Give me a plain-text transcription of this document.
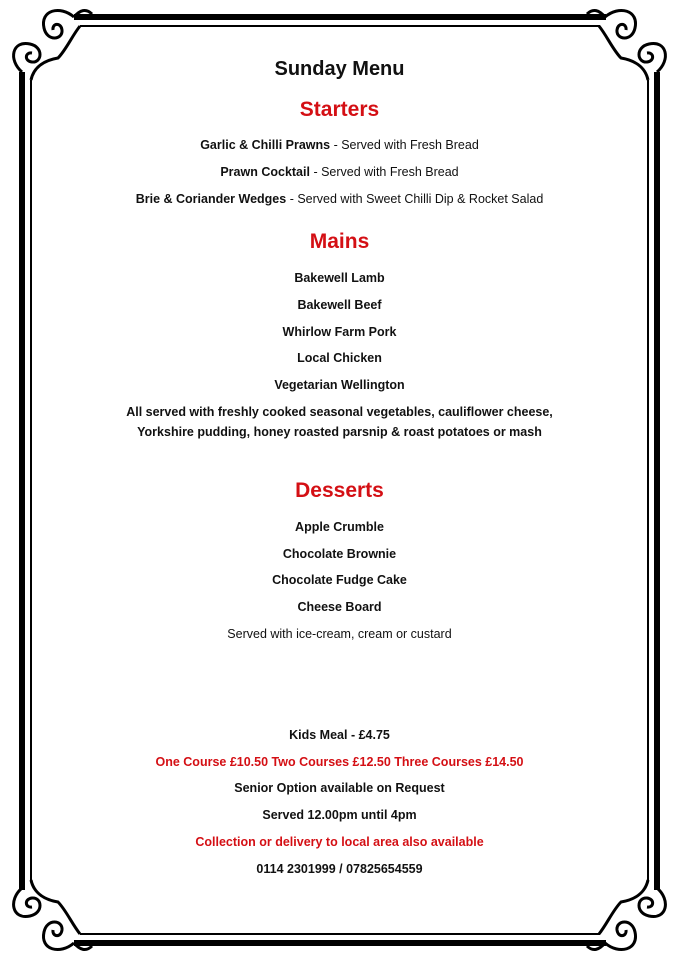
Sunday Menu
Starters
Garlic & Chilli Prawns - Served with Fresh Bread
Prawn Cocktail - Served with Fresh Bread
Brie & Coriander Wedges - Served with Sweet Chilli Dip & Rocket Salad
Mains
Bakewell Lamb
Bakewell Beef
Whirlow Farm Pork
Local Chicken
Vegetarian Wellington
All served with freshly cooked seasonal vegetables, cauliflower cheese,
Yorkshire pudding, honey roasted parsnip & roast potatoes or mash
Desserts
Apple Crumble
Chocolate Brownie
Chocolate Fudge Cake
Cheese Board
Served with ice-cream, cream or custard
Kids Meal - £4.75
One Course £10.50 Two Courses £12.50 Three Courses £14.50
Senior Option available on Request
Served 12.00pm until 4pm
Collection or delivery to local area also available
0114 2301999 / 07825654559
